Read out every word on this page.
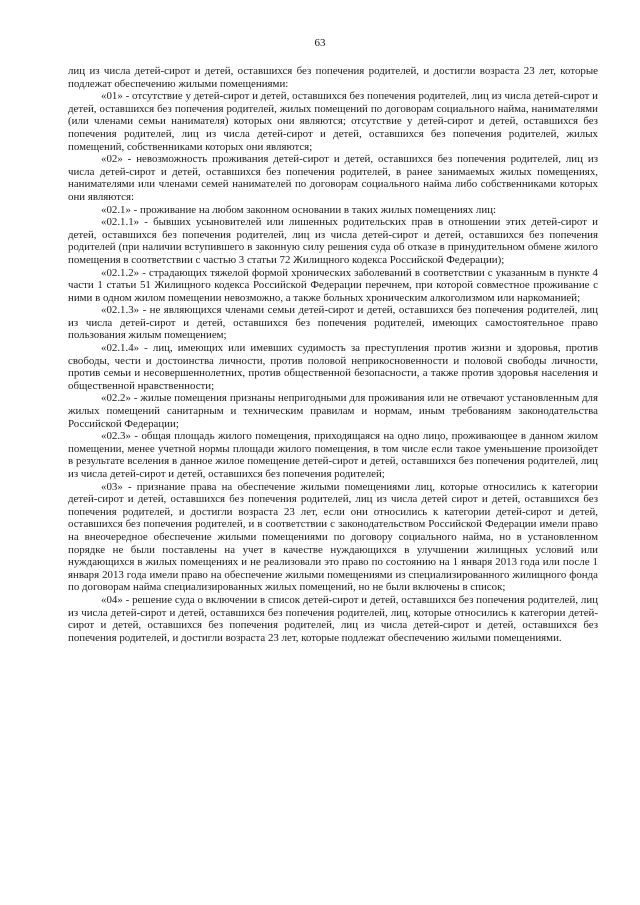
63

лиц из числа детей-сирот и детей, оставшихся без попечения родителей, и достигли возраста 23 лет, которые подлежат обеспечению жилыми помещениями:

«01» - отсутствие у детей-сирот и детей, оставшихся без попечения родителей, лиц из числа детей-сирот и детей, оставшихся без попечения родителей, жилых помещений по договорам социального найма, нанимателями (или членами семьи нанимателя) которых они являются; отсутствие у детей-сирот и детей, оставшихся без попечения родителей, лиц из числа детей-сирот и детей, оставшихся без попечения родителей, жилых помещений, собственниками которых они являются;

«02» - невозможность проживания детей-сирот и детей, оставшихся без попечения родителей, лиц из числа детей-сирот и детей, оставшихся без попечения родителей, в ранее занимаемых жилых помещениях, нанимателями или членами семей нанимателей по договорам социального найма либо собственниками которых они являются:

«02.1» - проживание на любом законном основании в таких жилых помещениях лиц:

«02.1.1» - бывших усыновителей или лишенных родительских прав в отношении этих детей-сирот и детей, оставшихся без попечения родителей, лиц из числа детей-сирот и детей, оставшихся без попечения родителей (при наличии вступившего в законную силу решения суда об отказе в принудительном обмене жилого помещения в соответствии с частью 3 статьи 72 Жилищного кодекса Российской Федерации);

«02.1.2» - страдающих тяжелой формой хронических заболеваний в соответствии с указанным в пункте 4 части 1 статьи 51 Жилищного кодекса Российской Федерации перечнем, при которой совместное проживание с ними в одном жилом помещении невозможно, а также больных хроническим алкоголизмом или наркоманией;

«02.1.3» - не являющихся членами семьи детей-сирот и детей, оставшихся без попечения родителей, лиц из числа детей-сирот и детей, оставшихся без попечения родителей, имеющих самостоятельное право пользования жилым помещением;

«02.1.4» - лиц, имеющих или имевших судимость за преступления против жизни и здоровья, против свободы, чести и достоинства личности, против половой неприкосновенности и половой свободы личности, против семьи и несовершеннолетних, против общественной безопасности, а также против здоровья населения и общественной нравственности;

«02.2» - жилые помещения признаны непригодными для проживания или не отвечают установленным для жилых помещений санитарным и техническим правилам и нормам, иным требованиям законодательства Российской Федерации;

«02.3» - общая площадь жилого помещения, приходящаяся на одно лицо, проживающее в данном жилом помещении, менее учетной нормы площади жилого помещения, в том числе если такое уменьшение произойдет в результате вселения в данное жилое помещение детей-сирот и детей, оставшихся без попечения родителей, лиц из числа детей-сирот и детей, оставшихся без попечения родителей;

«03» - признание права на обеспечение жилыми помещениями лиц, которые относились к категории детей-сирот и детей, оставшихся без попечения родителей, лиц из числа детей сирот и детей, оставшихся без попечения родителей, и достигли возраста 23 лет, если они относились к категории детей-сирот и детей, оставшихся без попечения родителей, и в соответствии с законодательством Российской Федерации имели право на внеочередное обеспечение жилыми помещениями по договору социального найма, но в установленном порядке не были поставлены на учет в качестве нуждающихся в улучшении жилищных условий или нуждающихся в жилых помещениях и не реализовали это право по состоянию на 1 января 2013 года или после 1 января 2013 года имели право на обеспечение жилыми помещениями из специализированного жилищного фонда по договорам найма специализированных жилых помещений, но не были включены в список;

«04» - решение суда о включении в список детей-сирот и детей, оставшихся без попечения родителей, лиц из числа детей-сирот и детей, оставшихся без попечения родителей, лиц, которые относились к категории детей-сирот и детей, оставшихся без попечения родителей, лиц из числа детей-сирот и детей, оставшихся без попечения родителей, и достигли возраста 23 лет, которые подлежат обеспечению жилыми помещениями.
